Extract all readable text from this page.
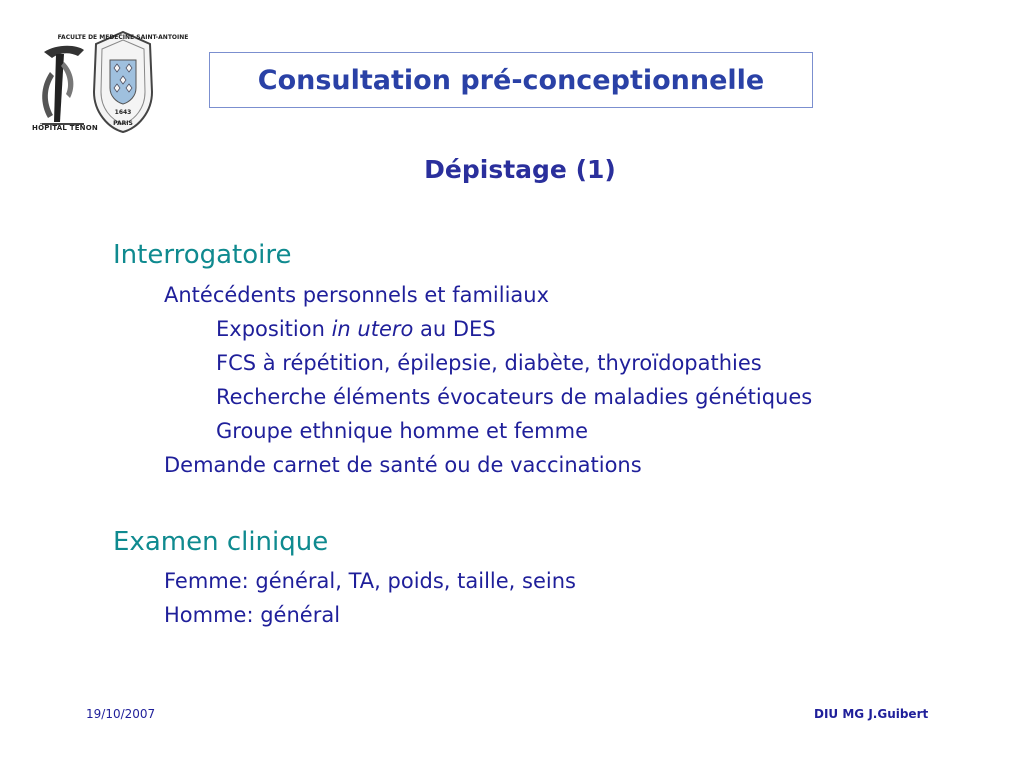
HÔPITAL TENON
FACULTE DE MEDECINE SAINT-ANTOINE
1643
PARIS
Consultation pré-conceptionnelle
Dépistage (1)
Interrogatoire
Antécédents personnels et familiaux
Exposition in utero au DES
FCS à répétition, épilepsie, diabète, thyroïdopathies
Recherche éléments évocateurs de maladies génétiques
Groupe ethnique homme et femme
Demande carnet de santé ou de vaccinations
Examen clinique
Femme: général, TA, poids, taille, seins
Homme: général
19/10/2007	DIU MG J.Guibert
